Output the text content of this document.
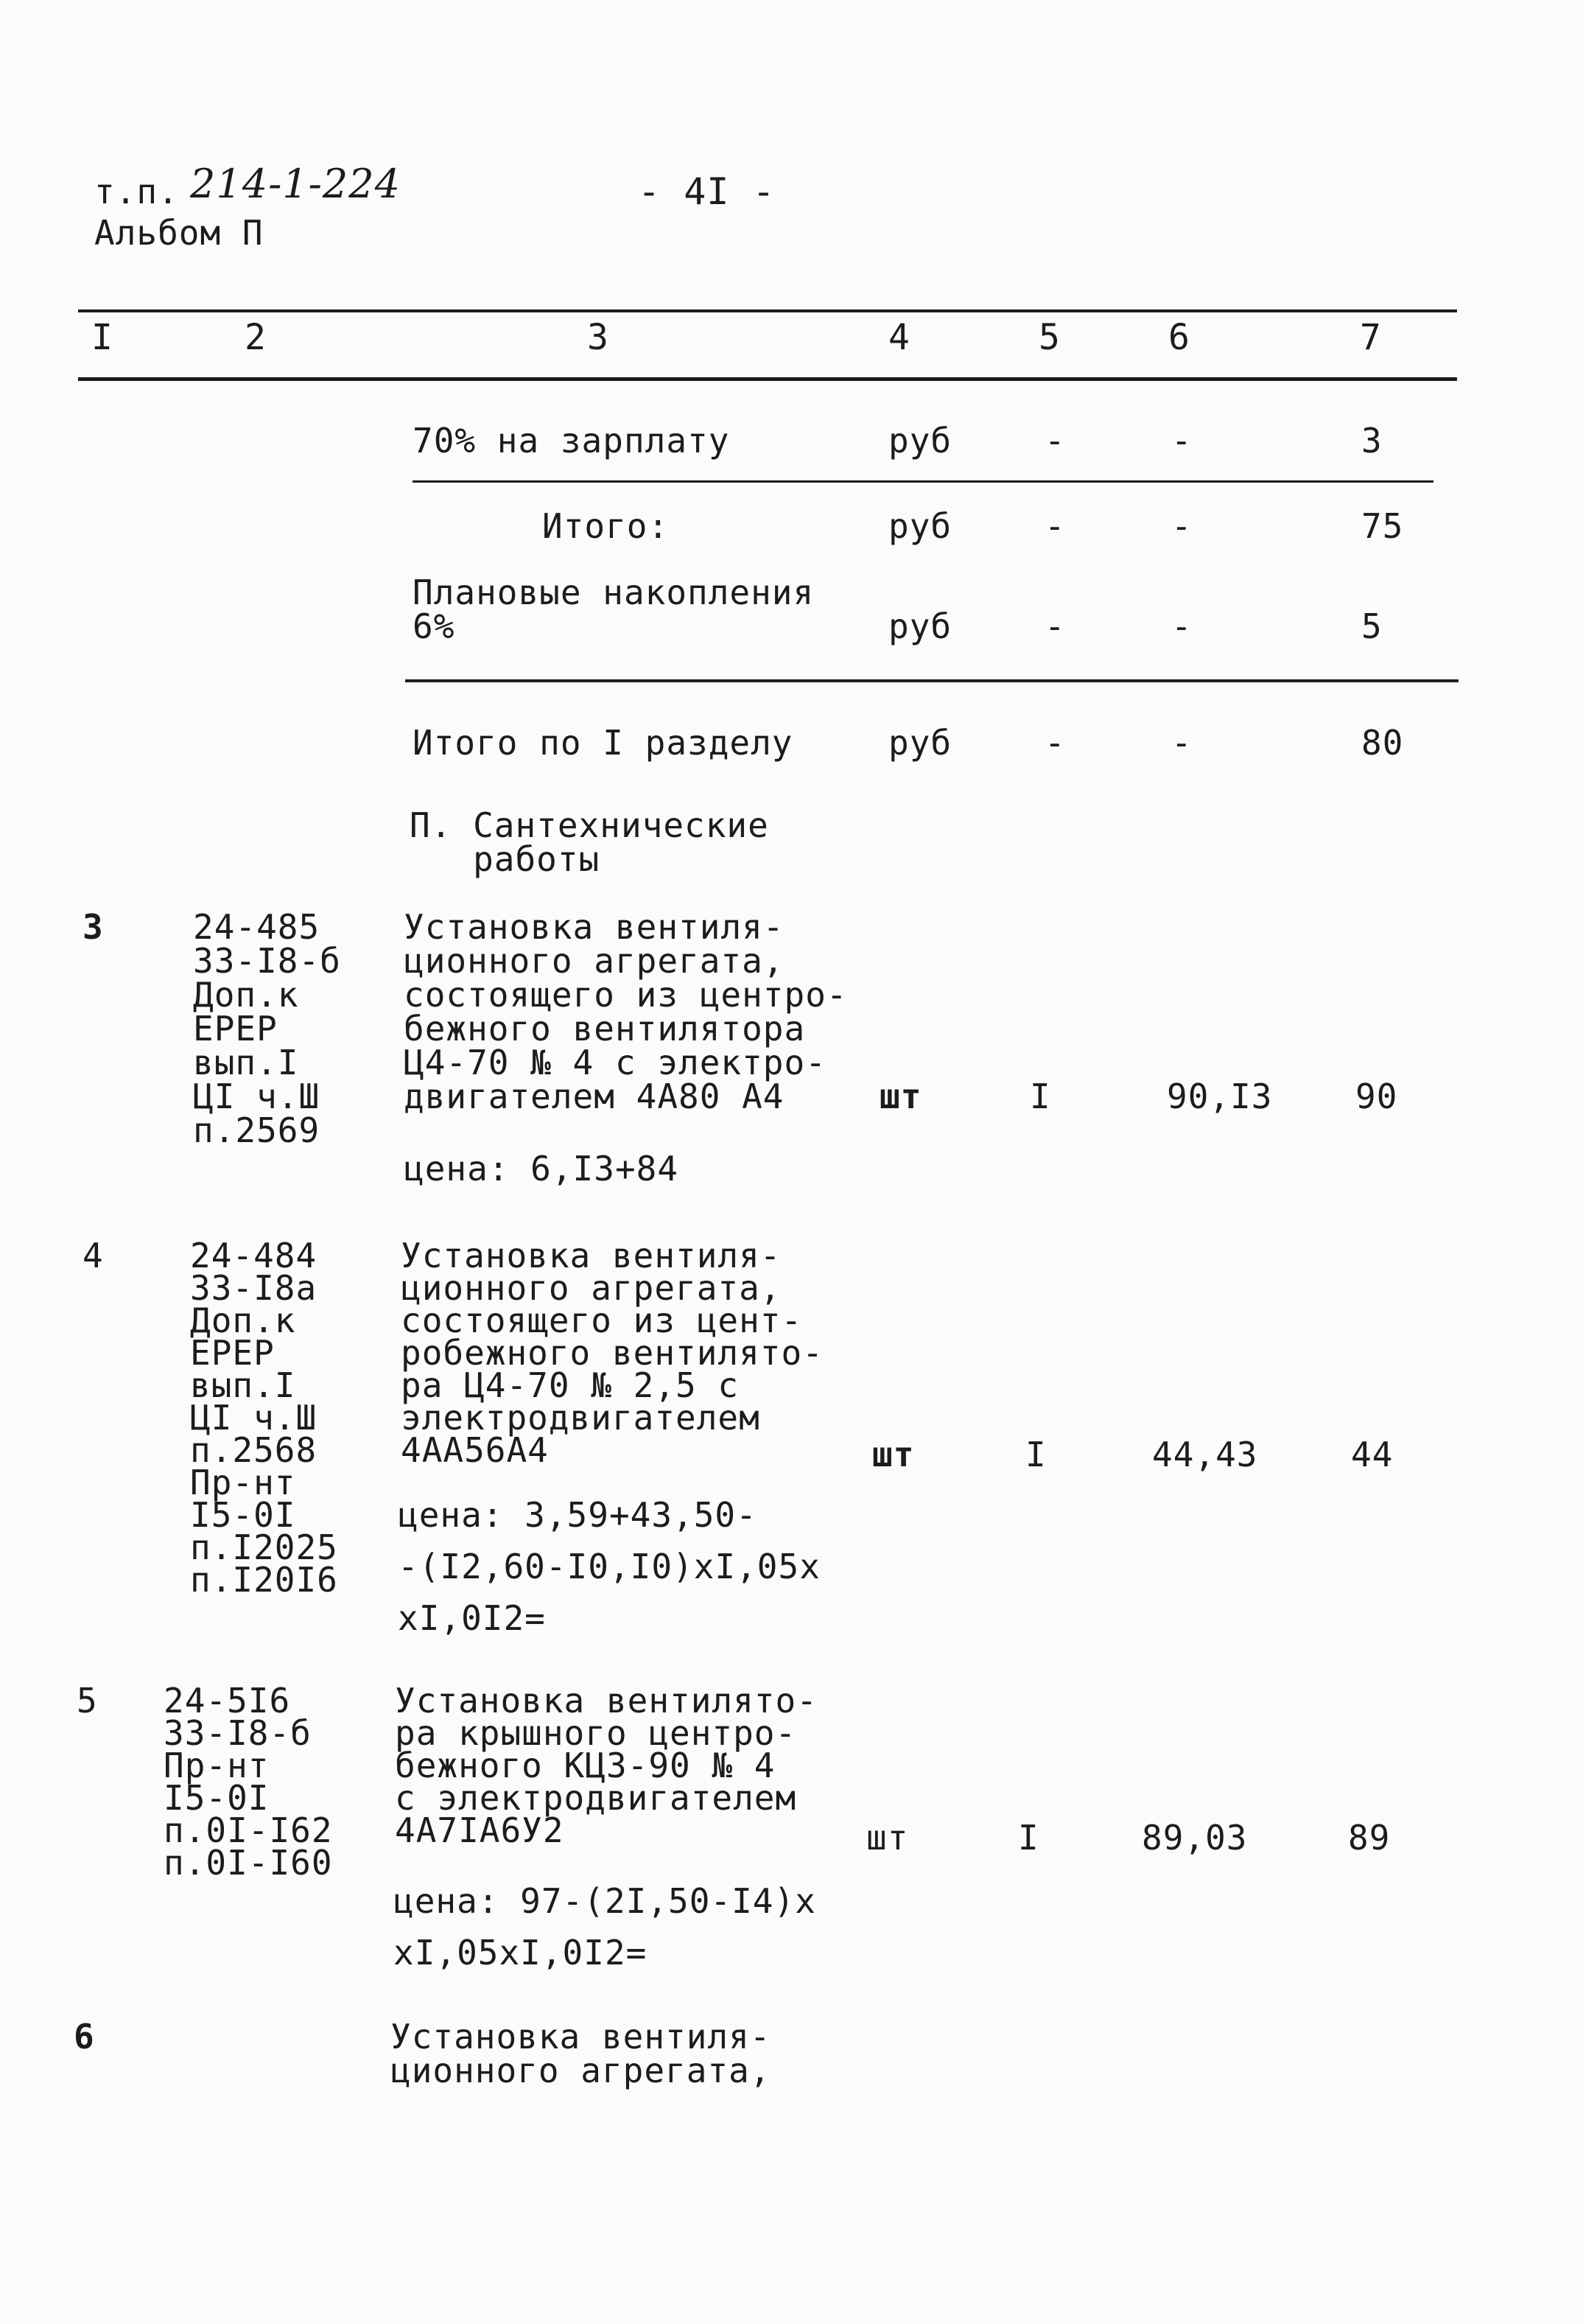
т.п. 214-1-224
Альбом П
- 4I -
I	2	3	4	5	6	7
70% на зарплату	руб	-	-	3
Итого:	руб	-	-	75
Плановые накопления
6%	руб	-	-	5
Итого по I разделу	руб	-	-	80
П. Сантехнические
работы
3	24-485
33-I8-б
Доп.к
ЕРЕР
вып.I
ЦI ч.Ш
п.2569
Установка вентиля-
ционного агрегата,
состоящего из центро-
бежного вентилятора
Ц4-70 № 4 с электро-
двигателем 4А80 А4	шт	I	90,I3 90
цена: 6,I3+84
4	24-484
33-I8а
Доп.к
ЕРЕР
вып.I
ЦI ч.Ш
п.2568
Пр-нт
I5-0I
п.I2025
п.I20I6
Установка вентиля-
ционного агрегата,
состоящего из цент-
робежного вентилято-
ра Ц4-70 № 2,5 с
электродвигателем
4АА56А4	шт	I	44,43	44
цена: 3,59+43,50-
-(I2,60-I0,I0)хI,05х
хI,0I2=
5 24-5I6
33-I8-б
Пр-нт
I5-0I
п.0I-I62
п.0I-I60
Установка вентилято-
ра крышного центро-
бежного КЦЗ-90 № 4
с электродвигателем
4А7IА6У2	шт	I	89,03	89
цена: 97-(2I,50-I4)х
хI,05хI,0I2=
6	Установка вентиля-
ционного агрегата,
